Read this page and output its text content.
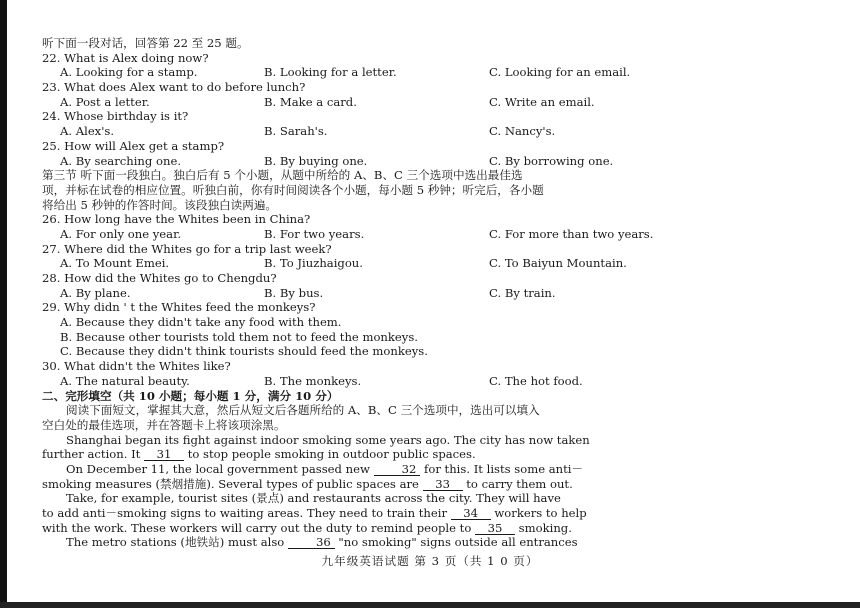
听下面一段对话，回答第 22 至 25 题。
22. What is Alex doing now?
A. Looking for a stamp.	B. Looking for a letter.	C. Looking for an email.
23. What does Alex want to do before lunch?
A. Post a letter.	B. Make a card.	C. Write an email.
24. Whose birthday is it?
A. Alex's.	B. Sarah's.	C. Nancy's.
25. How will Alex get a stamp?
A. By searching one.	B. By buying one.	C. By borrowing one.
第三节 听下面一段独白。独白后有 5 个小题，从题中所给的 A、B、C 三个选项中选出最佳选
项，并标在试卷的相应位置。听独白前，你有时间阅读各个小题，每小题 5 秒钟；听完后，各小题
将给出 5 秒钟的作答时间。该段独白读两遍。
26. How long have the Whites been in China?
A. For only one year.	B. For two years.	C. For more than two years.
27. Where did the Whites go for a trip last week?
A. To Mount Emei.	B. To Jiuzhaigou.	C. To Baiyun Mountain.
28. How did the Whites go to Chengdu?
A. By plane.	B. By bus.	C. By train.
29. Why didn ' t the Whites feed the monkeys?
A. Because they didn't take any food with them.
B. Because other tourists told them not to feed the monkeys.
C. Because they didn't think tourists should feed the monkeys.
30. What didn't the Whites like?
A. The natural beauty.	B. The monkeys.	C. The hot food.
二、完形填空（共 10 小题；每小题 1 分，满分 10 分）
阅读下面短文，掌握其大意，然后从短文后各题所给的 A、B、C 三个选项中，选出可以填入
空白处的最佳选项，并在答题卡上将该项涂黑。
Shanghai began its fight against indoor smoking some years ago. The city has now taken
further action. It 31 to stop people smoking in outdoor public spaces.
On December 11, the local government passed new 32 for this. It lists some anti－
smoking measures (禁烟措施). Several types of public spaces are 33 to carry them out.
Take, for example, tourist sites (景点) and restaurants across the city. They will have
to add anti－smoking signs to waiting areas. They need to train their 34 workers to help
with the work. These workers will carry out the duty to remind people to 35 smoking.
The metro stations (地铁站) must also 36 "no smoking" signs outside all entrances
九年级英语试题 第 3 页（共 1 0 页）
